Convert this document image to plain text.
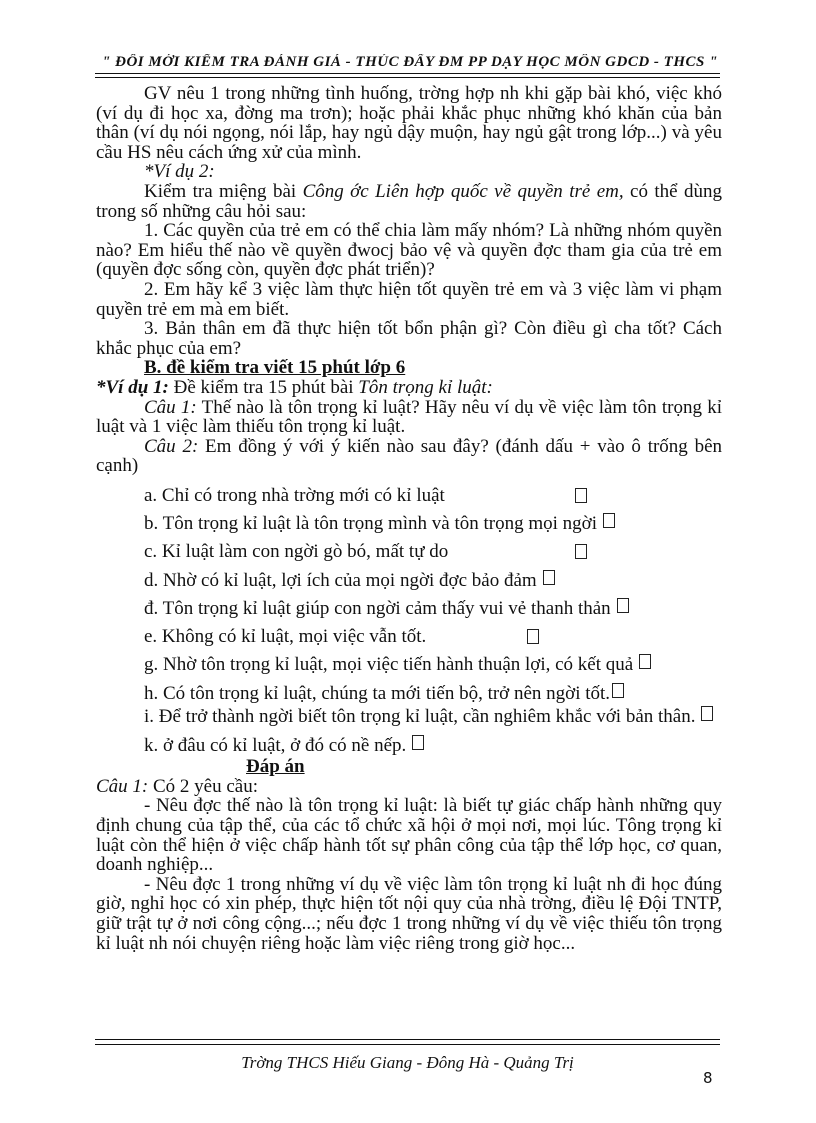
" ĐỔI MỚI KIỂM TRA ĐÁNH GIÁ - THÚC ĐẨY ĐM PP DẠY HỌC MÔN GDCD - THCS "

GV nêu 1 trong những tình huống, trờng hợp nh khi gặp bài khó, việc khó (ví dụ đi học xa, đờng ma trơn); hoặc phải khắc phục những khó khăn của bản thân (ví dụ nói ngọng, nói lắp, hay ngủ dậy muộn, hay ngủ gật trong lớp...) và yêu cầu HS nêu cách ứng xử của mình.

*Ví dụ 2:

Kiểm tra miệng bài Công ớc Liên hợp quốc về quyền trẻ em, có thể dùng trong số những câu hỏi sau:

1. Các quyền của trẻ em có thể chia làm mấy nhóm? Là những nhóm quyền nào? Em hiểu thế nào về quyền đwocj bảo vệ và quyền đợc tham gia của trẻ em (quyền đợc sống còn, quyền đợc phát triển)?

2. Em hãy kể 3 việc làm thực hiện tốt quyền trẻ em và 3 việc làm vi phạm quyền trẻ em mà em biết.

3. Bản thân em đã thực hiện tốt bổn phận gì? Còn điều gì cha tốt? Cách khắc phục của em?

B. đề kiểm tra viết 15 phút lớp 6

*Ví dụ 1: Đề kiểm tra 15 phút bài Tôn trọng kỉ luật:

Câu 1: Thế nào là tôn trọng kỉ luật? Hãy nêu ví dụ về việc làm tôn trọng kỉ luật và 1 việc làm thiếu tôn trọng kỉ luật.

Câu 2: Em đồng ý với ý kiến nào sau đây? (đánh dấu + vào ô trống bên cạnh)

a. Chỉ có trong nhà trờng mới có kỉ luật
b. Tôn trọng kỉ luật là tôn trọng mình và tôn trọng mọi ngời
c. Kỉ luật làm con ngời gò bó, mất tự do
d. Nhờ có kỉ luật, lợi ích của mọi ngời đợc bảo đảm
đ. Tôn trọng kỉ luật giúp con ngời cảm thấy vui vẻ thanh thản
e. Không có kỉ luật, mọi việc vẫn tốt.
g. Nhờ tôn trọng kỉ luật, mọi việc tiến hành thuận lợi, có kết quả
h. Có tôn trọng kỉ luật, chúng ta mới tiến bộ, trở nên ngời tốt.

i. Để trở thành ngời biết tôn trọng kỉ luật, cần nghiêm khắc với bản thân.

k. ở đâu có kỉ luật, ở đó có nề nếp.

Đáp án

Câu 1: Có 2 yêu cầu:

- Nêu đợc thế nào là tôn trọng kỉ luật: là biết tự giác chấp hành những quy định chung của tập thể, của các tổ chức xã hội ở mọi nơi, mọi lúc. Tông trọng kỉ luật còn thể hiện ở việc chấp hành tốt sự phân công của tập thể lớp học, cơ quan, doanh nghiệp...

- Nêu đợc 1 trong những ví dụ về việc làm tôn trọng kỉ luật nh đi học đúng giờ, nghỉ học có xin phép, thực hiện tốt nội quy của nhà trờng, điều lệ Đội TNTP, giữ trật tự ở nơi công cộng...; nếu đợc 1 trong những ví dụ về việc thiếu tôn trọng kỉ luật nh nói chuyện riêng hoặc làm việc riêng trong giờ học...

Trờng THCS Hiếu Giang - Đông Hà - Quảng Trị
8
